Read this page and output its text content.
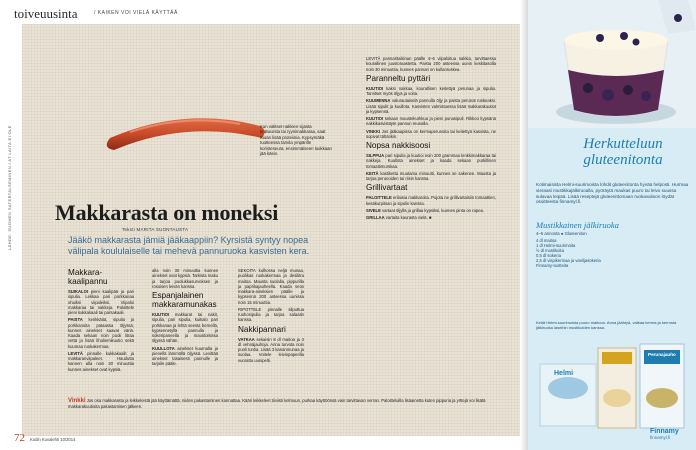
toiveuusinta	/ KAIKEN VOI VIELÄ KÄYTTÄÄ
LÄHDE: SUOMEN SATERTALSEMINEN / AT LAITA EI OLE	Kun valitset nakkien sijasta bratwursta tai ryynimakkaraa, saat ruoan lisää proteiinia. Kypsymäkä tuotteessa tarvita ympärille koristeseura, ensimmäiseen luokkaan jää käsin.
Makkarasta on moneksi
Teksti MARITA SUONTAUSTA
Jääkö makkarasta jämiä jääkaappiin? Kyrsistä syntyy nopea välipala koululaiselle tai mehevä pannuruoka kasvisten kera.
Makkara-kaalipannu

SUIKALOI pieni kaalipää ja pari sipulia. Lekkaa pari porkkanaa ohuiksi viipaleiksi. Viipaloi makkaraa tai nakkeja. Paloittele pieni kukkakaali tai parsakaali.

PAISTA kerikkäitä, sipulia ja porkkanoita pataassa öljyssä, kunnes ainekset saavat väriä. Kaada sekaan noin puoli litraa vettä ja lisää lihaliemikuutio sekä kuumaa ruokakermaa.

LEVITÄ pinnalle kukkakaalit ja makkaranviipaleet. Haudutta kannen alla noin 30 minuuttia kunnes ainekset ovat kypsiä.

alla noin 30 minuuttia kunnes ainekset ovat kypsiä. Tarkista maku ja tarjoa puolukkasurvoksen ja rosoisen leivän kanssa.

Espanjalainen makkaramunakas

KUUTIOI makkarat tai nakit, sipulia, pari sipulia, kuikalo pari porkkanaa ja lehtä seesta bernellä, kypsennetyllä pannulla ja sokeripaneella ja maustoisissa öljyssä vähän.

KUULLOTA ainekset kuumalla ja pienellä lämmöllä öljyssä. Levittää ainekset tasaisesti pannulle ja tarjoile pääle.

SEKOITA kulhossa neljä munaa, puolikas ruokakermaa ja desilitra maitoa. Mausta suolalla, pippurilla ja paprikajauheella. Kaada seos makkara-aineksien päälle ja kypsennä 200 asteessa uunissa noin 15 minuuttia.

RIPOTTELE pinnalle silputtua ruohosipulia ja tarjoa salaatin kanssa.

Nakkipannari

VATKAA sekaisin 8 dl maitoa ja 3 dl vehnäjauhoja. Anna turvota noin puoli tuntia. Lisää 3 kananmunaa ja suolaa. Voitele leivinpaperilla vuorattu uunipelti.

LEVITÄ pannaritaikinan päälle 4–6 viipaloitua nakkia, tarvittaessa kourallinen juustoraastetta. Paista 200 asteessa uunin keskitasolla noin 30 minuuttia, kunnes pannari on kullanruskea.

Paranneltu pyttäri

KUUTIOI kaksi nakkaa, kourallisen keitettyä perunaa ja sipulia. Tarvitset myös öljyä ja voita.

KUUMENNA valurautaiselä pannulla öljy ja paista perunat ruskeaksi. Lisää sipulit ja kuullota. Kasvisten valmistuessa lisää makkarakuutiot ja kypsennä.

KUUTIOI sekaan maustekurkkua ja pieni punasipuli. Rikkoo kypsänä nakkikasvistäyte pannun reunalla.

VINKKI Jos jääkaapissa on kermaperunoita tai keitettyä kasvista, ne sopivat tähänkin.

Nopsa nakkisoosi

SILPPUA pari sipulia ja kuutioi noin 200 grammaa lenkkimakkaraa tai nakkeja. Kuullota ainekset ja kaada sekaan purkillinen tomaattimurskaa.

KEITÄ kastiketta muutama minuutti, kunnes se sakenee. Mausta ja tarjoa perunoiden tai riisin kanssa.

Grillivartaat

PALOITTELE erilaisia makkaroita. Pujota ne grillivartaisiin tomaattien, kesäkurpitsan ja sipulin kanssa.

SIVELE vartaat öljyllä ja grillaa kypsiksi, kunnes pinta on rapea.

GRILLAA vartaita kaurasta vielä. ■

Vinkki Jos osa makkarasta ja leikkeleistä jää käyttämättä, niiden pakastaminen kannattaa. Kääri leikkeleet tiiviisti kelmuun, purkaa käyttöönsä vain tarvittavan verran. Paloitteluilla lisäainetta kuten pippuria ja yrttejä voi lisätä makkarakuutioita pakastamisen jälkeen.
72 Kodin Kuvalehti 10/2014
Herkutteluun gluteenitonta
Kotimaisista Helmi-suurimoista lohdit gluteenitonta hyvää helposti. Hurmaa vieraasi mustikkajälkiruoalla, pyöräytä maukas puuro tai leivo suussa sulavaa leipää. Lisää reseptejä gluteenittomaan ruokavalioon löydät osoitteesta finnamyl.fi.
Mustikkainen jälkiruoka
4–6 annosta ● Gluteeniton
4 dl maitoa
1 dl Helmi-suurimoita
½ dl mustikoita
0,5 dl sokeria
2,5 dl vispikermaa ja vaniljasokeria
Finnamy-tuotteita
Keitä Helmi-suurimoista puuro maitoon. Anna jäähtyä, vatkaa kerma ja kerrosta jälkiruoka laseihin mustikoiden kanssa.
Helmi
Perunajauho
Finnamy
finnamyl.fi
